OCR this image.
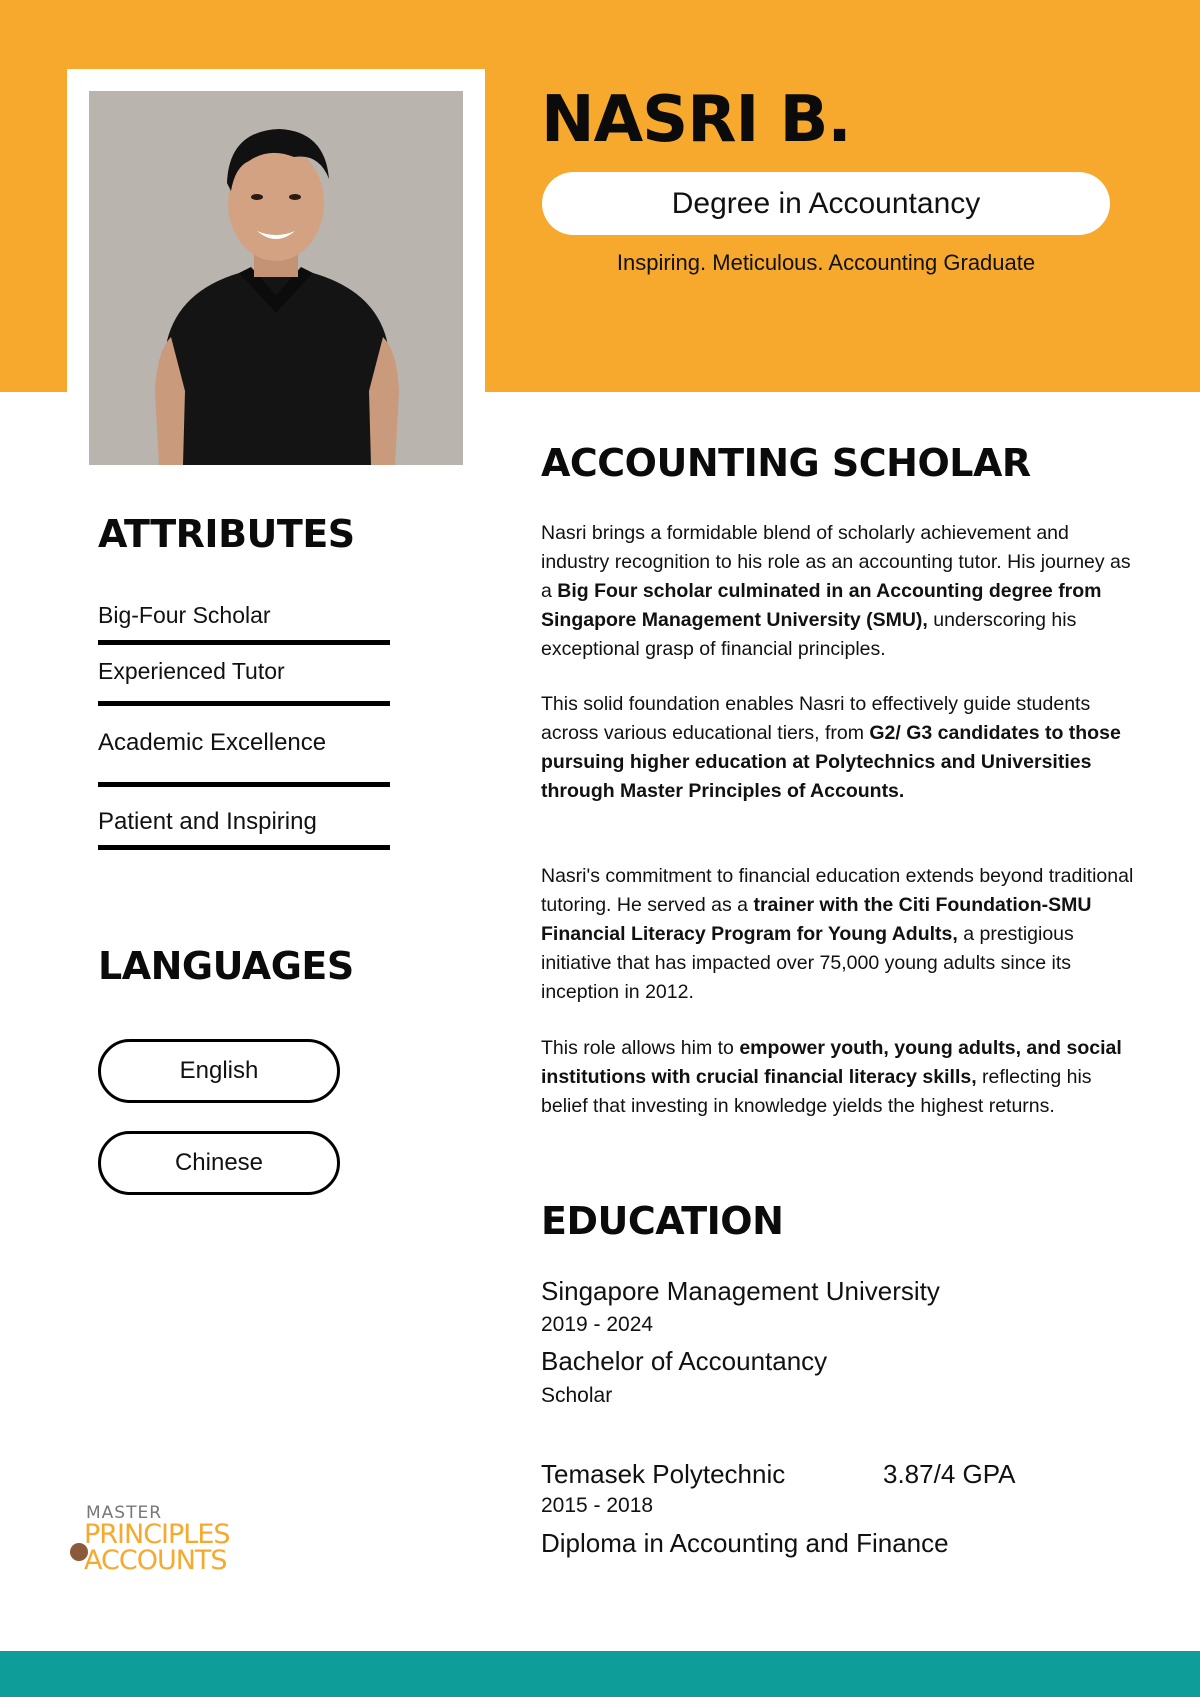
NASRI B.
Degree in Accountancy
Inspiring. Meticulous. Accounting Graduate
ATTRIBUTES
Big-Four Scholar
Experienced Tutor
Academic Excellence
Patient and Inspiring
LANGUAGES
English
Chinese
ACCOUNTING SCHOLAR

Nasri brings a formidable blend of scholarly achievement and industry recognition to his role as an accounting tutor. His journey as a Big Four scholar culminated in an Accounting degree from Singapore Management University (SMU), underscoring his exceptional grasp of financial principles.

This solid foundation enables Nasri to effectively guide students across various educational tiers, from G2/ G3 candidates to those pursuing higher education at Polytechnics and Universities through Master Principles of Accounts.

Nasri's commitment to financial education extends beyond traditional tutoring. He served as a trainer with the Citi Foundation-SMU Financial Literacy Program for Young Adults, a prestigious initiative that has impacted over 75,000 young adults since its inception in 2012.

This role allows him to empower youth, young adults, and social institutions with crucial financial literacy skills, reflecting his belief that investing in knowledge yields the highest returns.

EDUCATION

Singapore Management University

2019 - 2024

Bachelor of Accountancy

Scholar

Temasek Polytechnic	3.87/4 GPA

2015 - 2018

Diploma in Accounting and Finance

MASTER
PRINCIPLES
ACCOUNTS
